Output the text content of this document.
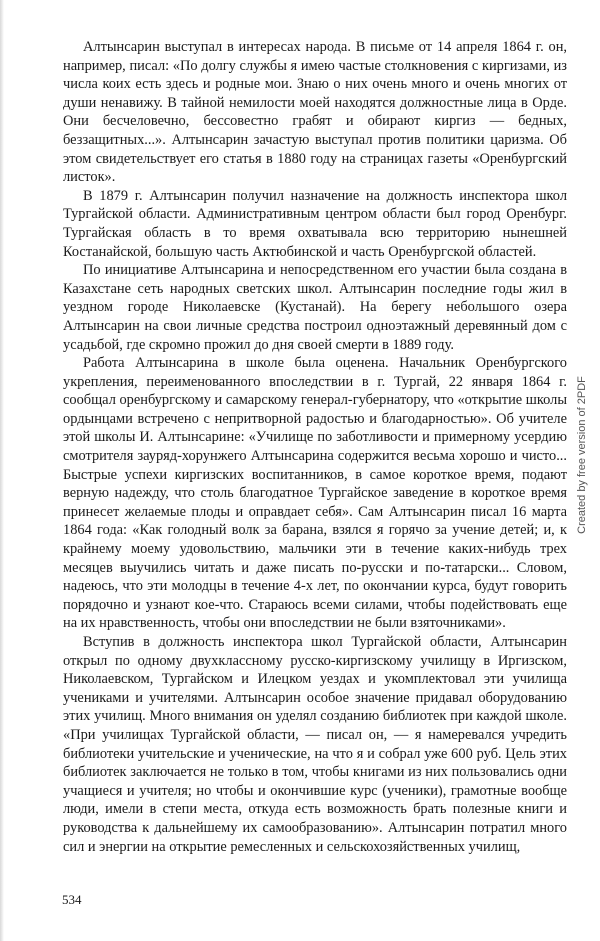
Алтынсарин выступал в интересах народа. В письме от 14 апреля 1864 г. он, например, писал: «По долгу службы я имею частые столкновения с киргизами, из числа коих есть здесь и родные мои. Знаю о них очень много и очень многих от души ненавижу. В тайной немилости моей находятся должностные лица в Орде. Они бесчеловечно, бессовестно грабят и обирают киргиз — бедных, беззащитных...». Алтынсарин зачастую выступал против политики царизма. Об этом свидетельствует его статья в 1880 году на страницах газеты «Оренбургский листок».

В 1879 г. Алтынсарин получил назначение на должность инспектора школ Тургайской области. Административным центром области был город Оренбург. Тургайская область в то время охватывала всю территорию нынешней Костанайской, большую часть Актюбинской и часть Оренбургской областей.

По инициативе Алтынсарина и непосредственном его участии была создана в Казахстане сеть народных светских школ. Алтынсарин последние годы жил в уездном городе Николаевске (Кустанай). На берегу небольшого озера Алтынсарин на свои личные средства построил одноэтажный деревянный дом с усадьбой, где скромно прожил до дня своей смерти в 1889 году.

Работа Алтынсарина в школе была оценена. Начальник Оренбургского укрепления, переименованного впоследствии в г. Тургай, 22 января 1864 г. сообщал оренбургскому и самарскому генерал-губернатору, что «открытие школы ордынцами встречено с непритворной радостью и благодарностью». Об учителе этой школы И. Алтынсарине: «Училище по заботливости и примерному усердию смотрителя зауряд-хорунжего Алтынсарина содержится весьма хорошо и чисто... Быстрые успехи киргизских воспитанников, в самое короткое время, подают верную надежду, что столь благодатное Тургайское заведение в короткое время принесет желаемые плоды и оправдает себя». Сам Алтынсарин писал 16 марта 1864 года: «Как голодный волк за барана, взялся я горячо за учение детей; и, к крайнему моему удовольствию, мальчики эти в течение каких-нибудь трех месяцев выучились читать и даже писать по-русски и по-татарски... Словом, надеюсь, что эти молодцы в течение 4-х лет, по окончании курса, будут говорить порядочно и узнают кое-что. Стараюсь всеми силами, чтобы подействовать еще на их нравственность, чтобы они впоследствии не были взяточниками».

Вступив в должность инспектора школ Тургайской области, Алтынсарин открыл по одному двухклассному русско-киргизскому училищу в Иргизском, Николаевском, Тургайском и Илецком уездах и укомплектовал эти училища учениками и учителями. Алтынсарин особое значение придавал оборудованию этих училищ. Много внимания он уделял созданию библиотек при каждой школе. «При училищах Тургайской области, — писал он, — я намеревался учредить библиотеки учительские и ученические, на что я и собрал уже 600 руб. Цель этих библиотек заключается не только в том, чтобы книгами из них пользовались одни учащиеся и учителя; но чтобы и окончившие курс (ученики), грамотные вообще люди, имели в степи места, откуда есть возможность брать полезные книги и руководства к дальнейшему их самообразованию». Алтынсарин потратил много сил и энергии на открытие ремесленных и сельскохозяйственных училищ,

534
Created by free version of 2PDF
